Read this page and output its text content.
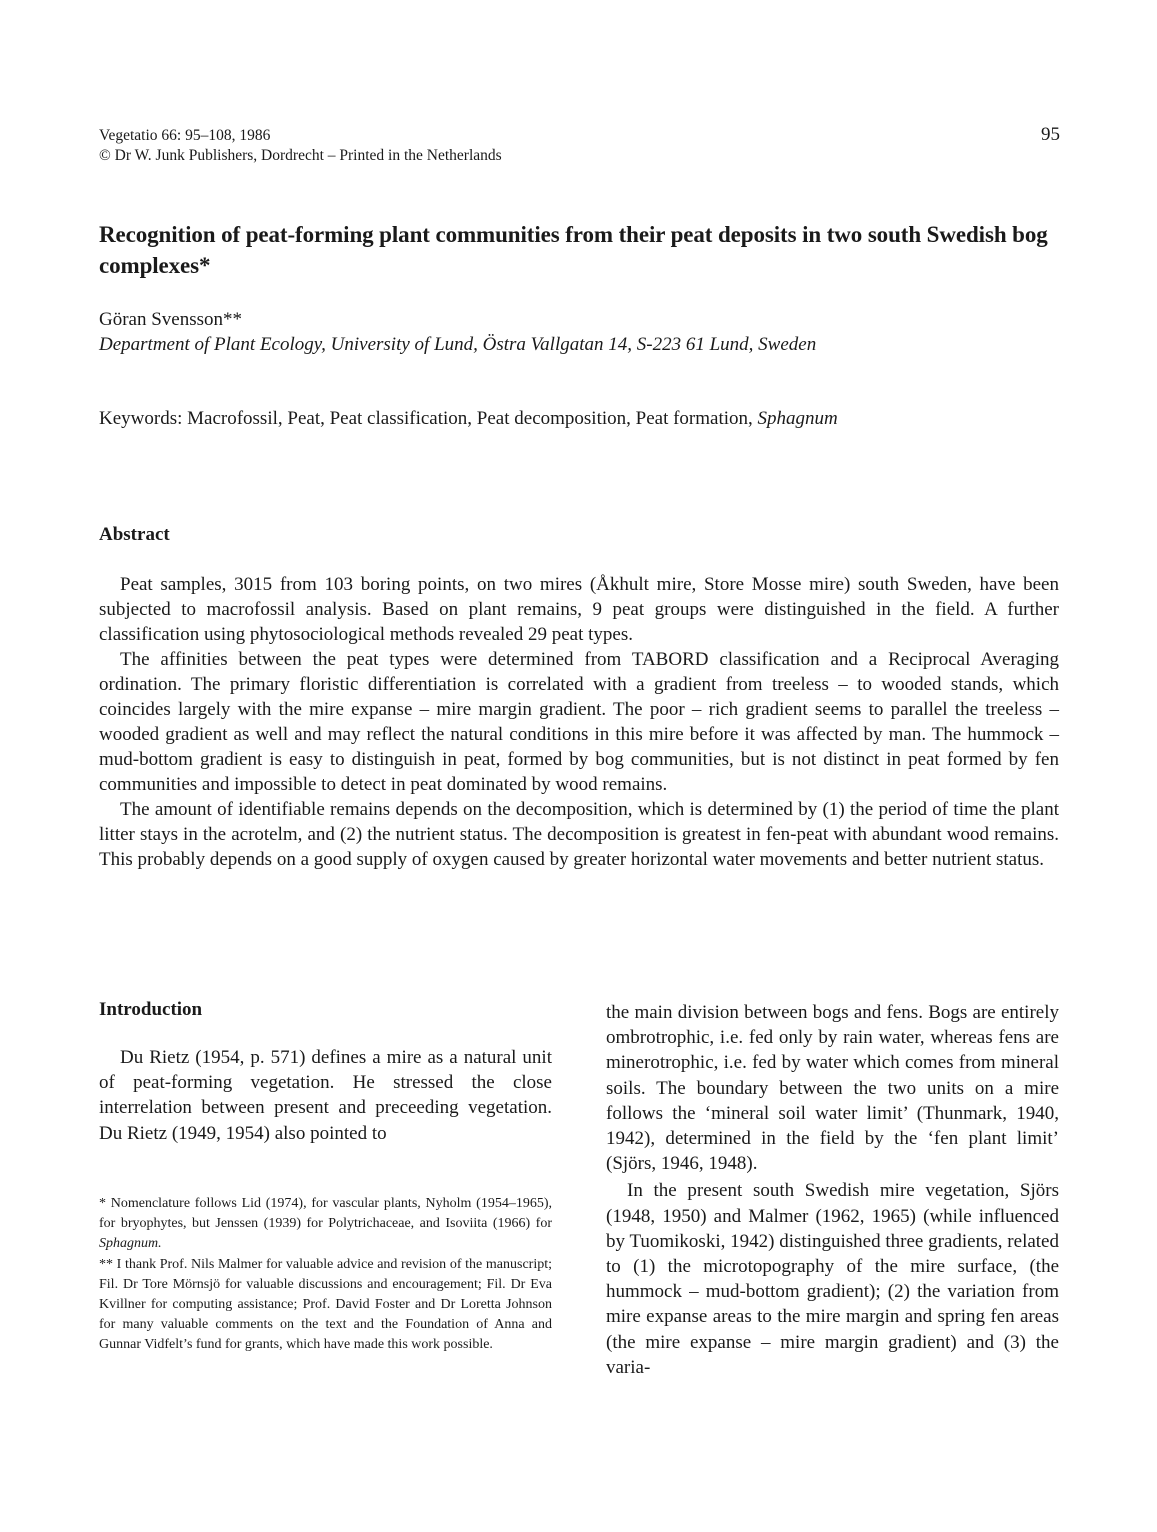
Vegetatio 66: 95–108, 1986
© Dr W. Junk Publishers, Dordrecht – Printed in the Netherlands
95
Recognition of peat-forming plant communities from their peat deposits in two south Swedish bog complexes*
Göran Svensson**
Department of Plant Ecology, University of Lund, Östra Vallgatan 14, S-223 61 Lund, Sweden
Keywords: Macrofossil, Peat, Peat classification, Peat decomposition, Peat formation, Sphagnum
Abstract

Peat samples, 3015 from 103 boring points, on two mires (Åkhult mire, Store Mosse mire) south Sweden, have been subjected to macrofossil analysis. Based on plant remains, 9 peat groups were distinguished in the field. A further classification using phytosociological methods revealed 29 peat types.

The affinities between the peat types were determined from TABORD classification and a Reciprocal Averaging ordination. The primary floristic differentiation is correlated with a gradient from treeless – to wooded stands, which coincides largely with the mire expanse – mire margin gradient. The poor – rich gradient seems to parallel the treeless – wooded gradient as well and may reflect the natural conditions in this mire before it was affected by man. The hummock – mud-bottom gradient is easy to distinguish in peat, formed by bog communities, but is not distinct in peat formed by fen communities and impossible to detect in peat dominated by wood remains.

The amount of identifiable remains depends on the decomposition, which is determined by (1) the period of time the plant litter stays in the acrotelm, and (2) the nutrient status. The decomposition is greatest in fen-peat with abundant wood remains. This probably depends on a good supply of oxygen caused by greater horizontal water movements and better nutrient status.

Introduction

Du Rietz (1954, p. 571) defines a mire as a natural unit of peat-forming vegetation. He stressed the close interrelation between present and preceeding vegetation. Du Rietz (1949, 1954) also pointed to

* Nomenclature follows Lid (1974), for vascular plants, Nyholm (1954–1965), for bryophytes, but Jenssen (1939) for Polytrichaceae, and Isoviita (1966) for Sphagnum.

** I thank Prof. Nils Malmer for valuable advice and revision of the manuscript; Fil. Dr Tore Mörnsjö for valuable discussions and encouragement; Fil. Dr Eva Kvillner for computing assistance; Prof. David Foster and Dr Loretta Johnson for many valuable comments on the text and the Foundation of Anna and Gunnar Vidfelt’s fund for grants, which have made this work possible.

the main division between bogs and fens. Bogs are entirely ombrotrophic, i.e. fed only by rain water, whereas fens are minerotrophic, i.e. fed by water which comes from mineral soils. The boundary between the two units on a mire follows the ‘mineral soil water limit’ (Thunmark, 1940, 1942), determined in the field by the ‘fen plant limit’ (Sjörs, 1946, 1948).

In the present south Swedish mire vegetation, Sjörs (1948, 1950) and Malmer (1962, 1965) (while influenced by Tuomikoski, 1942) distinguished three gradients, related to (1) the microtopography of the mire surface, (the hummock – mud-bottom gradient); (2) the variation from mire expanse areas to the mire margin and spring fen areas (the mire expanse – mire margin gradient) and (3) the varia-
